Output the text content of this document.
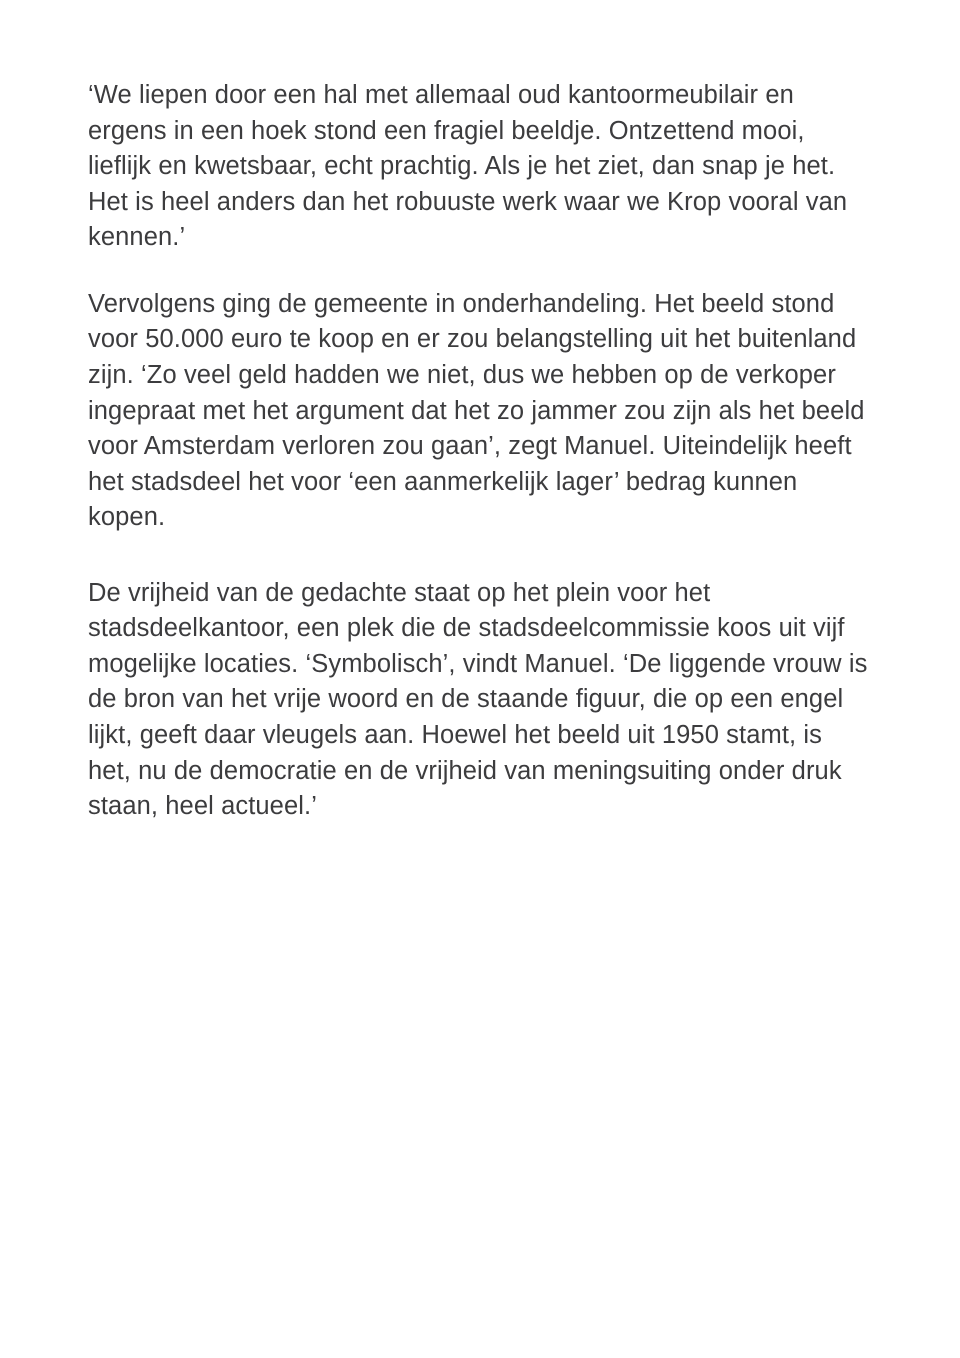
‘We liepen door een hal met allemaal oud kantoormeubilair en ergens in een hoek stond een fragiel beeldje. Ontzettend mooi, lieflijk en kwetsbaar, echt prachtig. Als je het ziet, dan snap je het. Het is heel anders dan het robuuste werk waar we Krop vooral van kennen.’

Vervolgens ging de gemeente in onderhandeling. Het beeld stond voor 50.000 euro te koop en er zou belangstelling uit het buitenland zijn. ‘Zo veel geld hadden we niet, dus we hebben op de verkoper ingepraat met het argument dat het zo jammer zou zijn als het beeld voor Amsterdam verloren zou gaan’, zegt Manuel. Uiteindelijk heeft het stadsdeel het voor ‘een aanmerkelijk lager’ bedrag kunnen kopen.

De vrijheid van de gedachte staat op het plein voor het stadsdeelkantoor, een plek die de stadsdeelcommissie koos uit vijf mogelijke locaties. ‘Symbolisch’, vindt Manuel. ‘De liggende vrouw is de bron van het vrije woord en de staande figuur, die op een engel lijkt, geeft daar vleugels aan. Hoewel het beeld uit 1950 stamt, is het, nu de democratie en de vrijheid van meningsuiting onder druk staan, heel actueel.’
